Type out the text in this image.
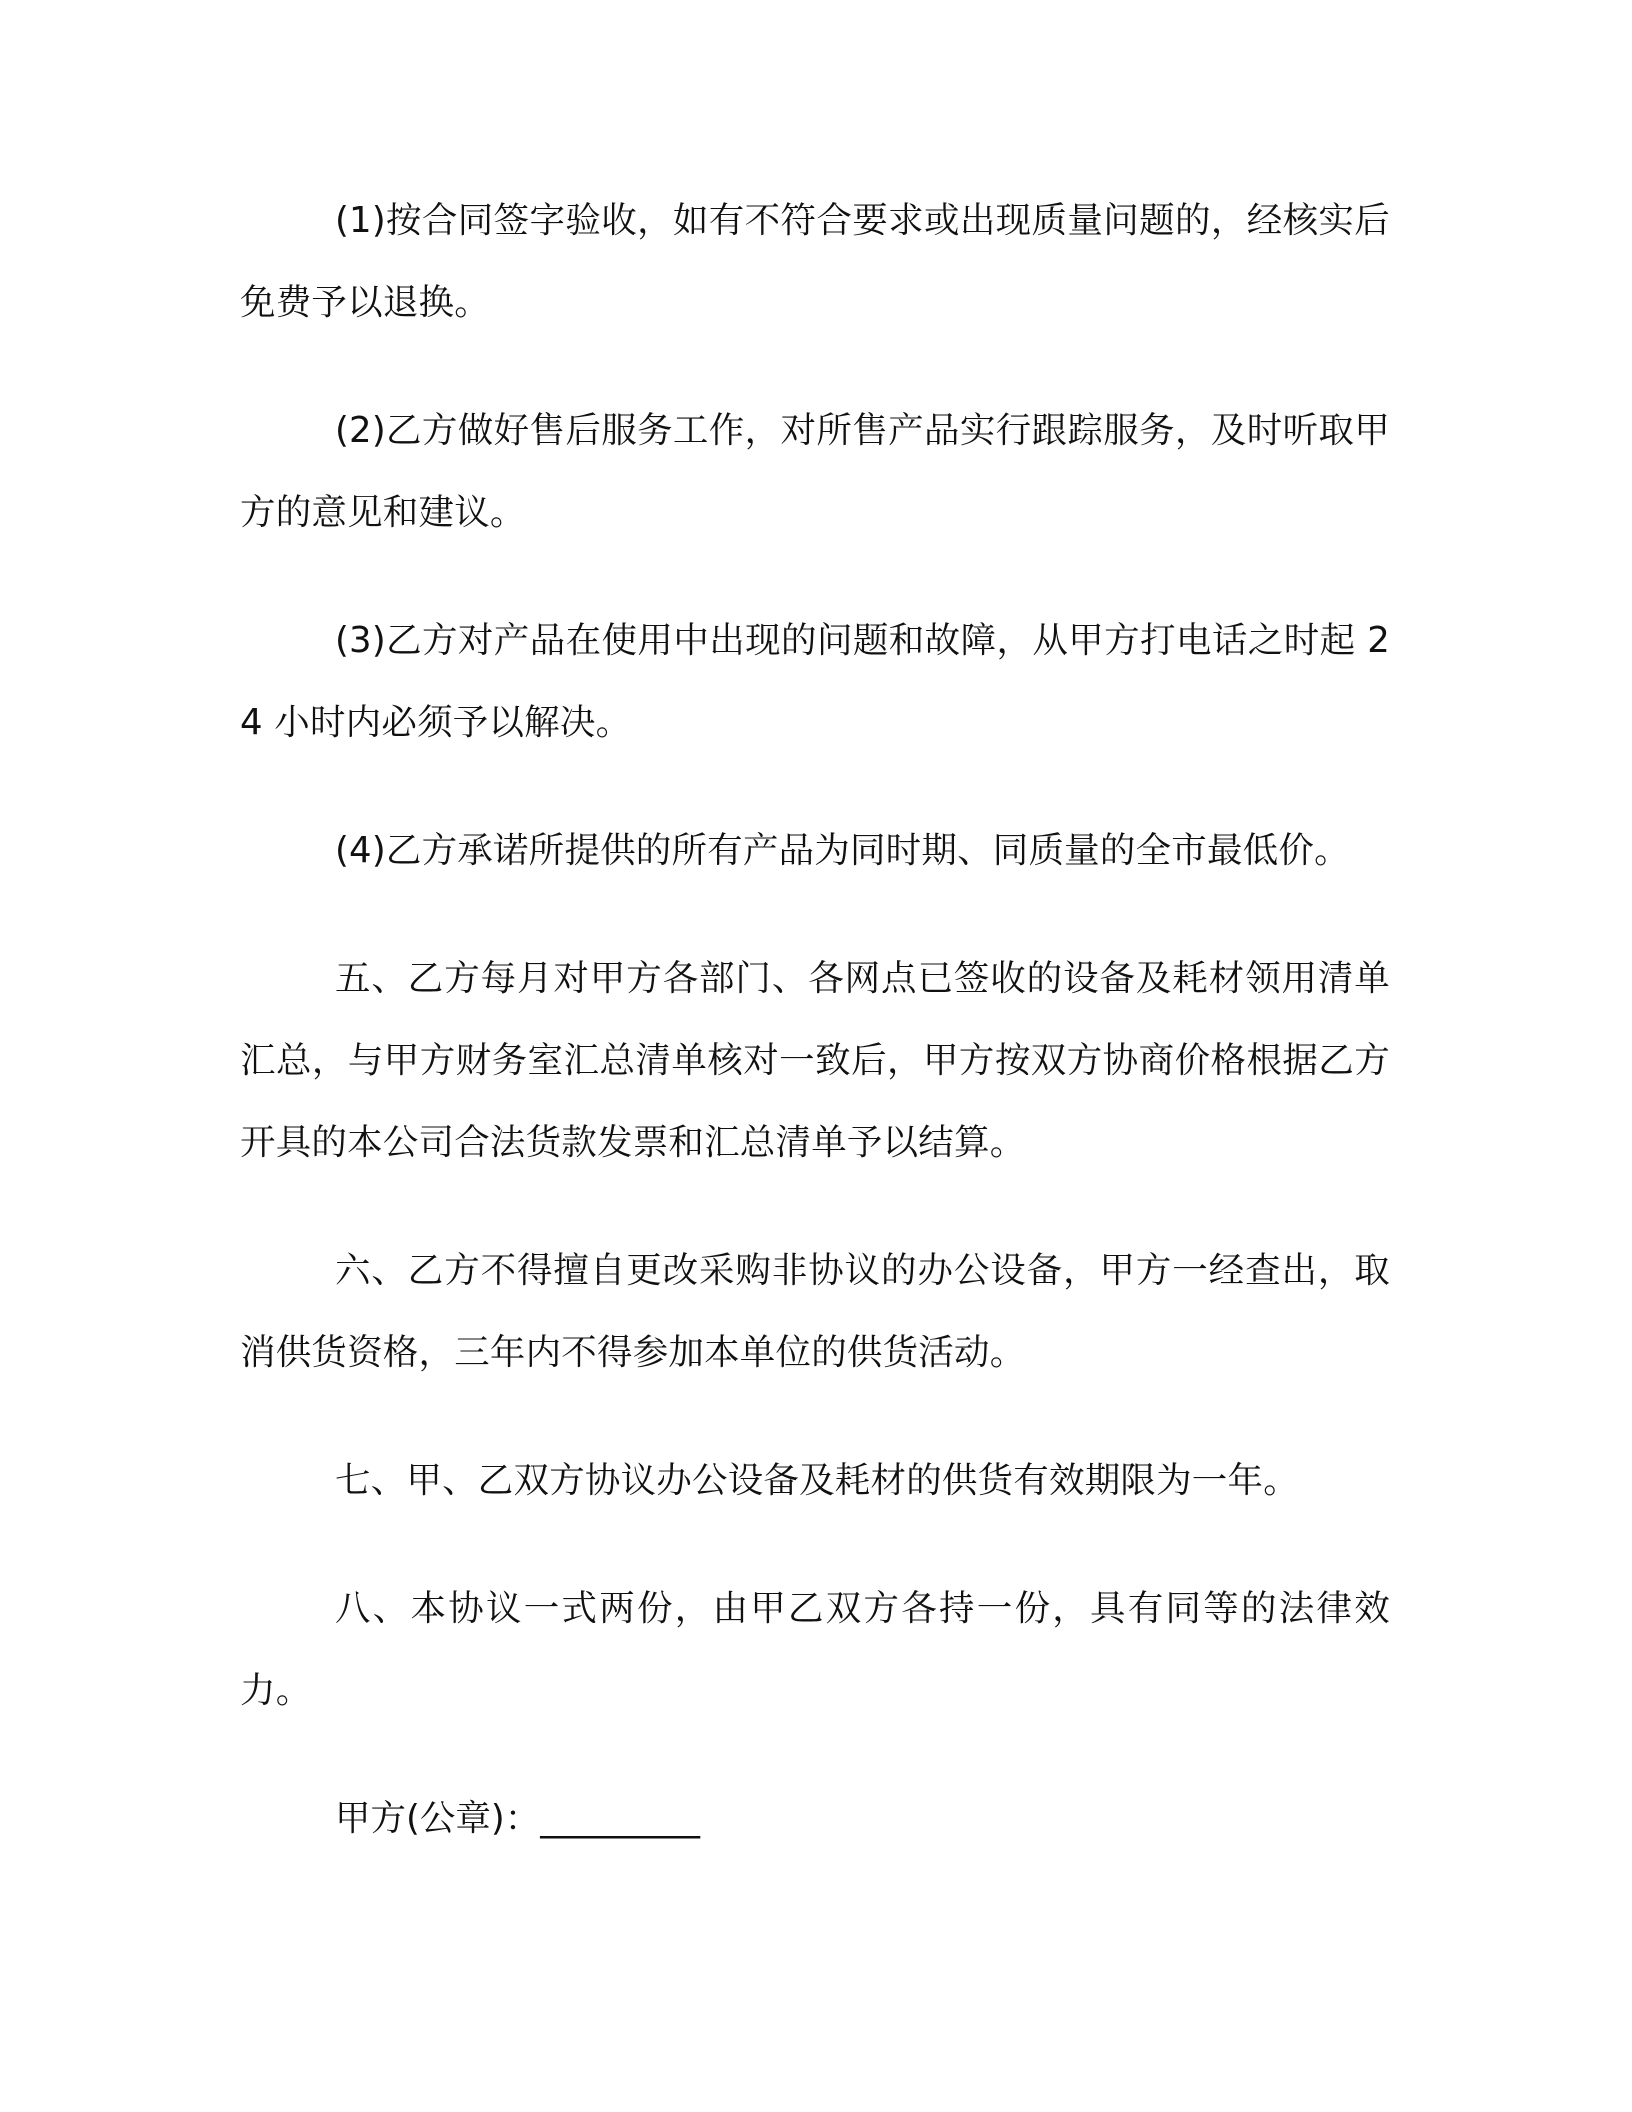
(1)按合同签字验收，如有不符合要求或出现质量问题的，经核实后免费予以退换。

(2)乙方做好售后服务工作，对所售产品实行跟踪服务，及时听取甲方的意见和建议。

(3)乙方对产品在使用中出现的问题和故障，从甲方打电话之时起 24 小时内必须予以解决。

(4)乙方承诺所提供的所有产品为同时期、同质量的全市最低价。

五、乙方每月对甲方各部门、各网点已签收的设备及耗材领用清单汇总，与甲方财务室汇总清单核对一致后，甲方按双方协商价格根据乙方开具的本公司合法货款发票和汇总清单予以结算。

六、乙方不得擅自更改采购非协议的办公设备，甲方一经查出，取消供货资格，三年内不得参加本单位的供货活动。

七、甲、乙双方协议办公设备及耗材的供货有效期限为一年。

八、本协议一式两份，由甲乙双方各持一份，具有同等的法律效力。

甲方(公章)：_________
